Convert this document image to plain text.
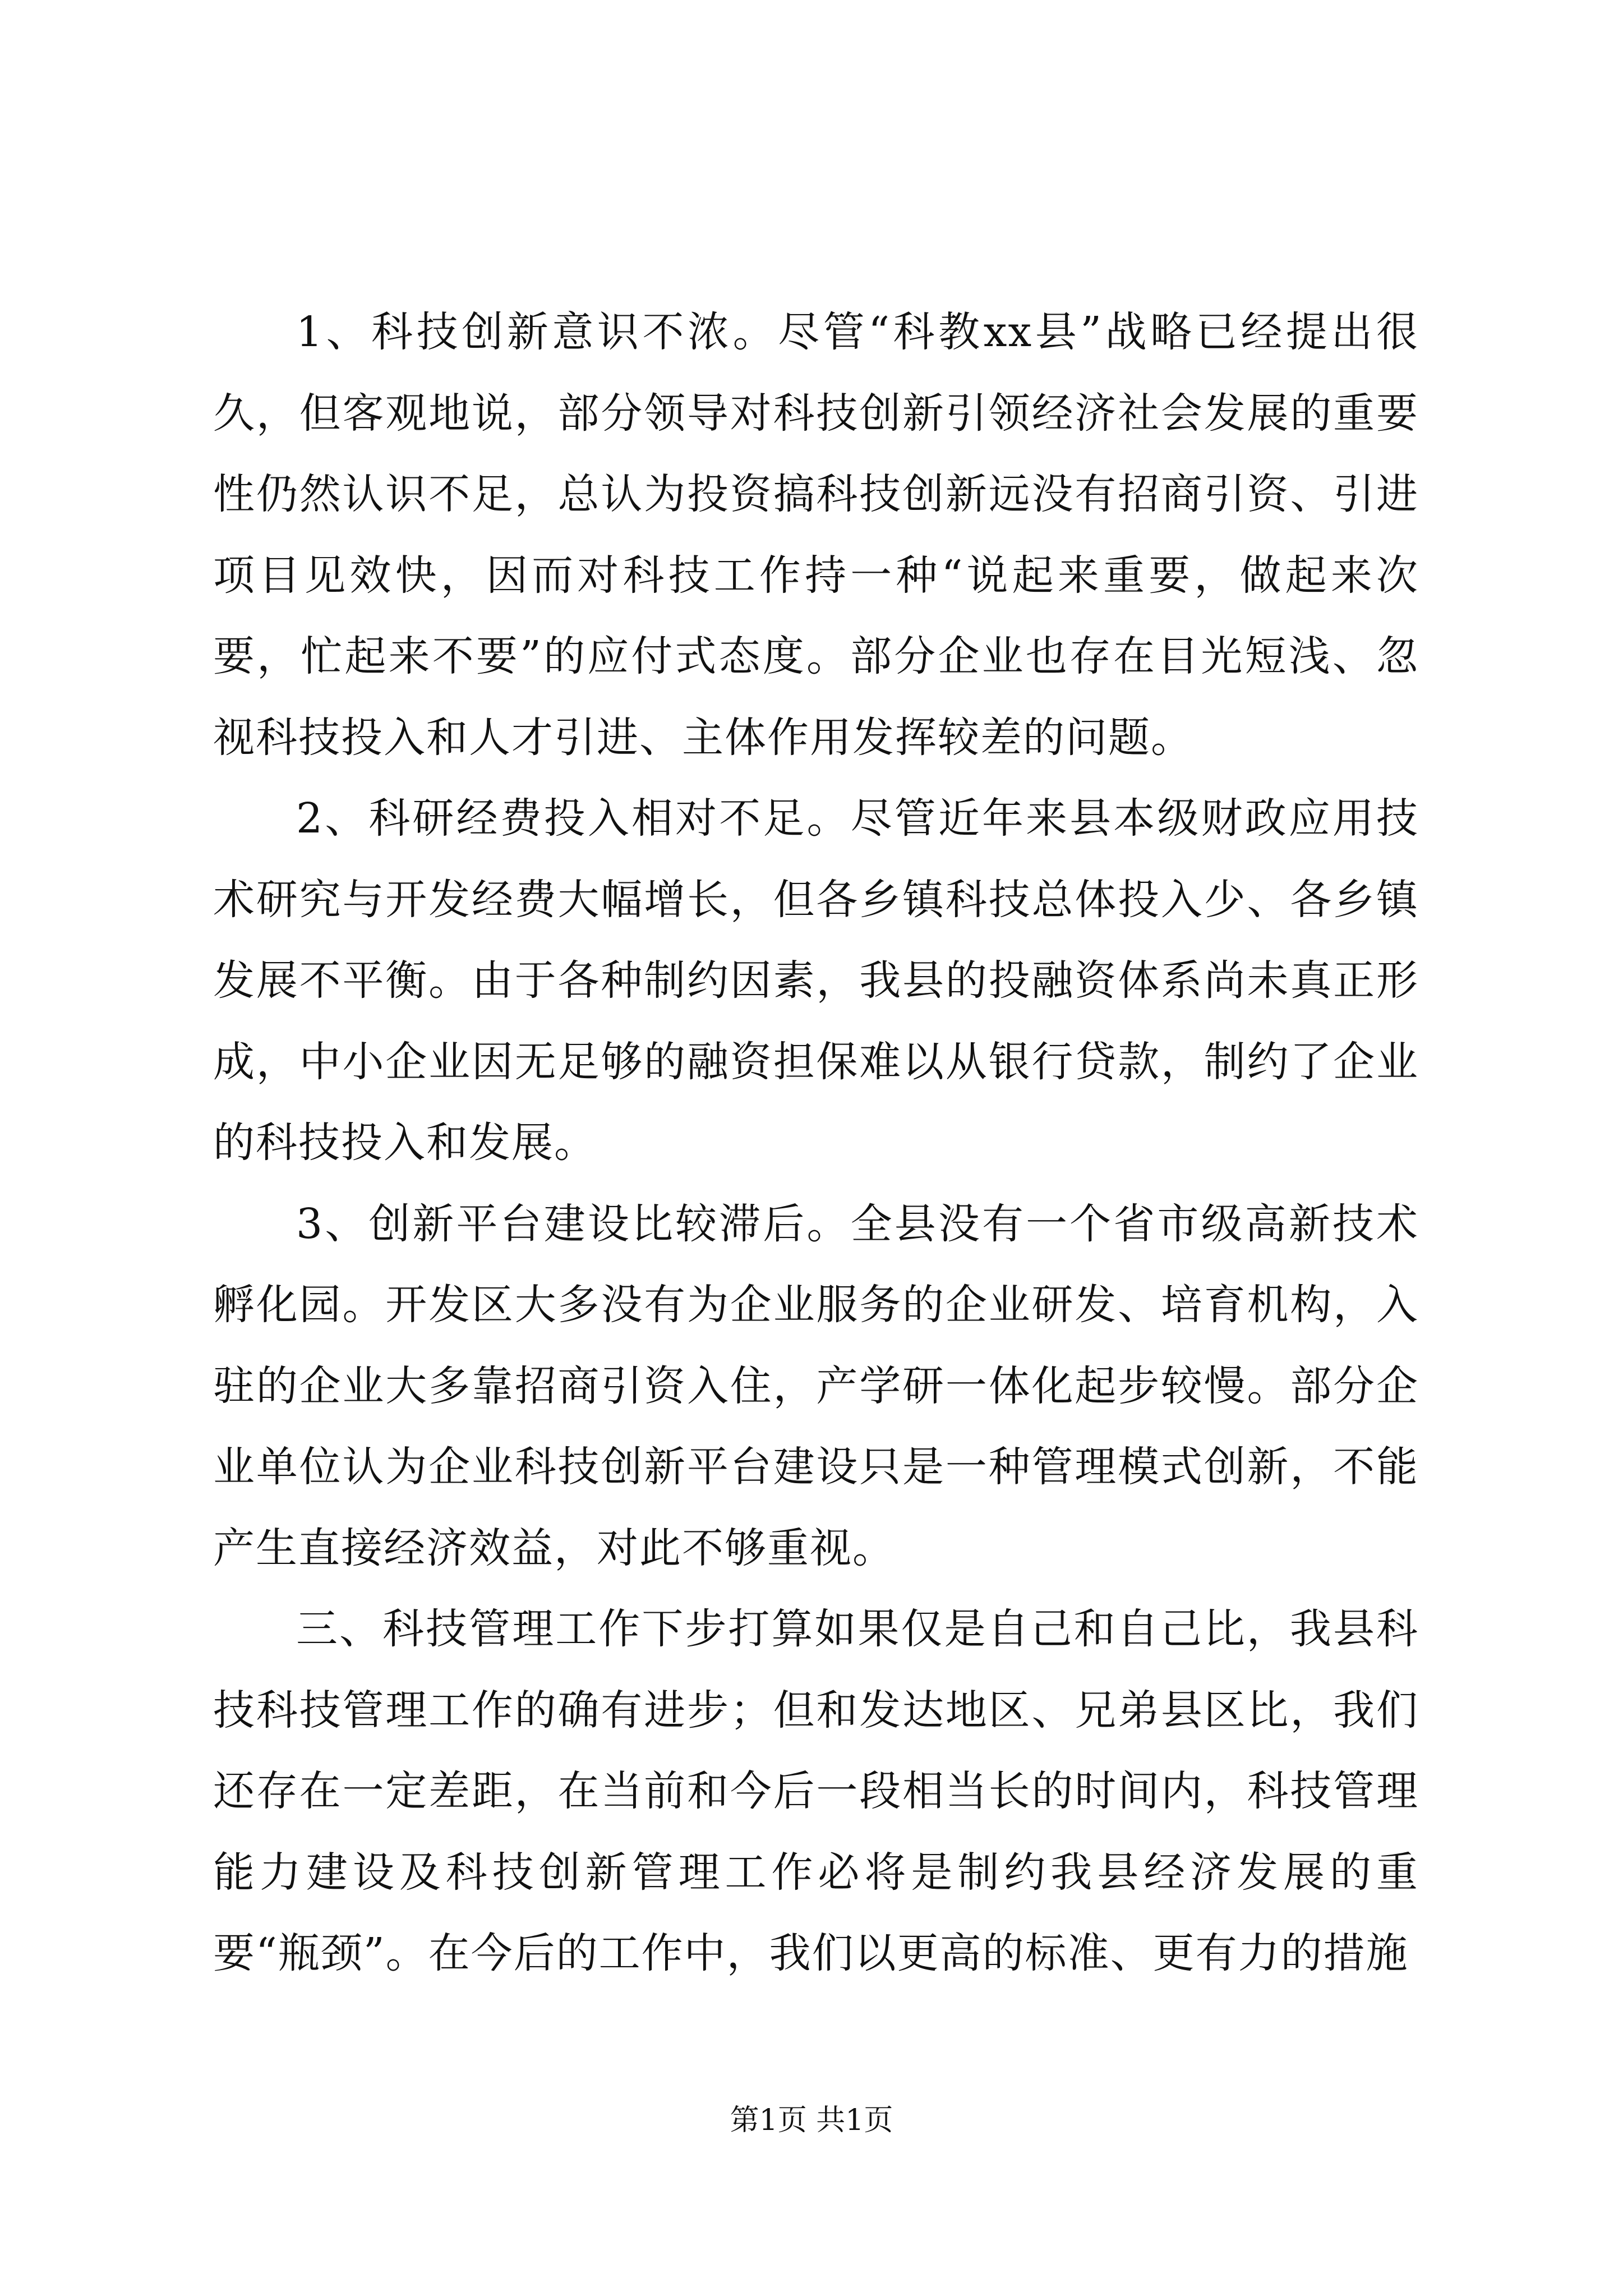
1、科技创新意识不浓。尽管“科教xx县”战略已经提出很久，但客观地说，部分领导对科技创新引领经济社会发展的重要性仍然认识不足，总认为投资搞科技创新远没有招商引资、引进项目见效快，因而对科技工作持一种“说起来重要，做起来次要，忙起来不要”的应付式态度。部分企业也存在目光短浅、忽视科技投入和人才引进、主体作用发挥较差的问题。

2、科研经费投入相对不足。尽管近年来县本级财政应用技术研究与开发经费大幅增长，但各乡镇科技总体投入少、各乡镇发展不平衡。由于各种制约因素，我县的投融资体系尚未真正形成，中小企业因无足够的融资担保难以从银行贷款，制约了企业的科技投入和发展。

3、创新平台建设比较滞后。全县没有一个省市级高新技术孵化园。开发区大多没有为企业服务的企业研发、培育机构，入驻的企业大多靠招商引资入住，产学研一体化起步较慢。部分企业单位认为企业科技创新平台建设只是一种管理模式创新，不能产生直接经济效益，对此不够重视。

三、科技管理工作下步打算如果仅是自己和自己比，我县科技科技管理工作的确有进步；但和发达地区、兄弟县区比，我们还存在一定差距，在当前和今后一段相当长的时间内，科技管理能力建设及科技创新管理工作必将是制约我县经济发展的重要“瓶颈”。在今后的工作中，我们以更高的标准、更有力的措施

第1页 共1页
